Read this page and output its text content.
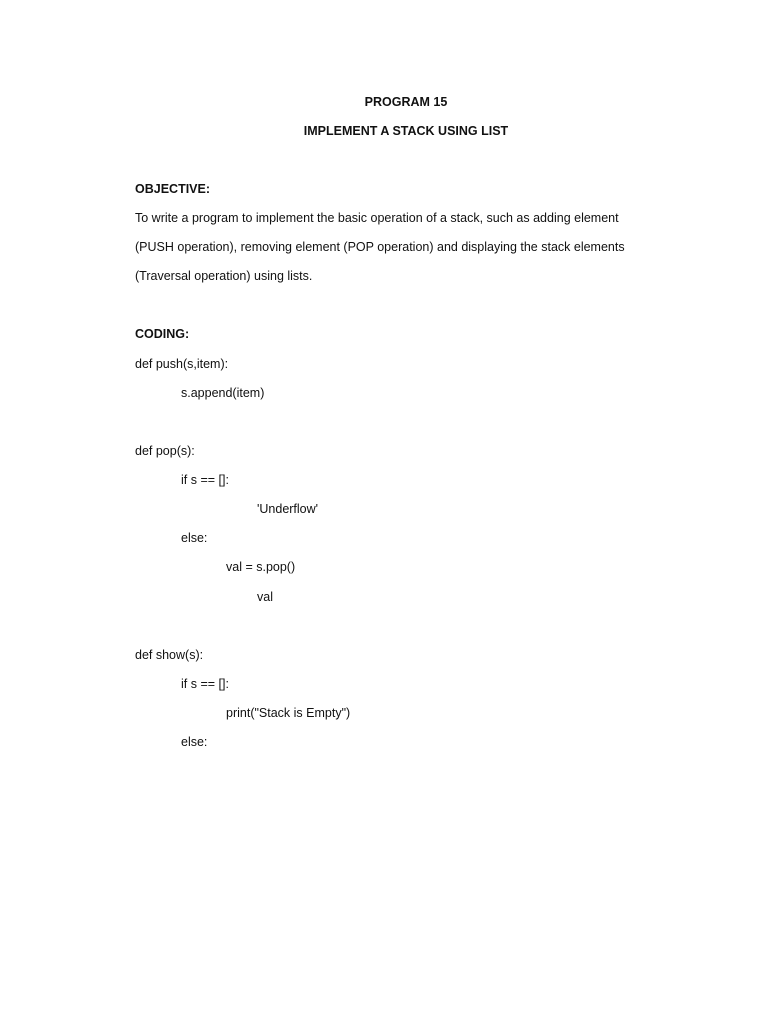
PROGRAM 15
IMPLEMENT A STACK USING LIST
OBJECTIVE:
To write a program to implement the basic operation of a stack, such as adding element
(PUSH operation), removing element (POP operation) and displaying the stack elements
(Traversal operation) using lists.
CODING:
def push(s,item):
s.append(item)
def pop(s):
if s == []:
'Underflow'
else:
val = s.pop()
val
def show(s):
if s == []:
print("Stack is Empty")
else:
